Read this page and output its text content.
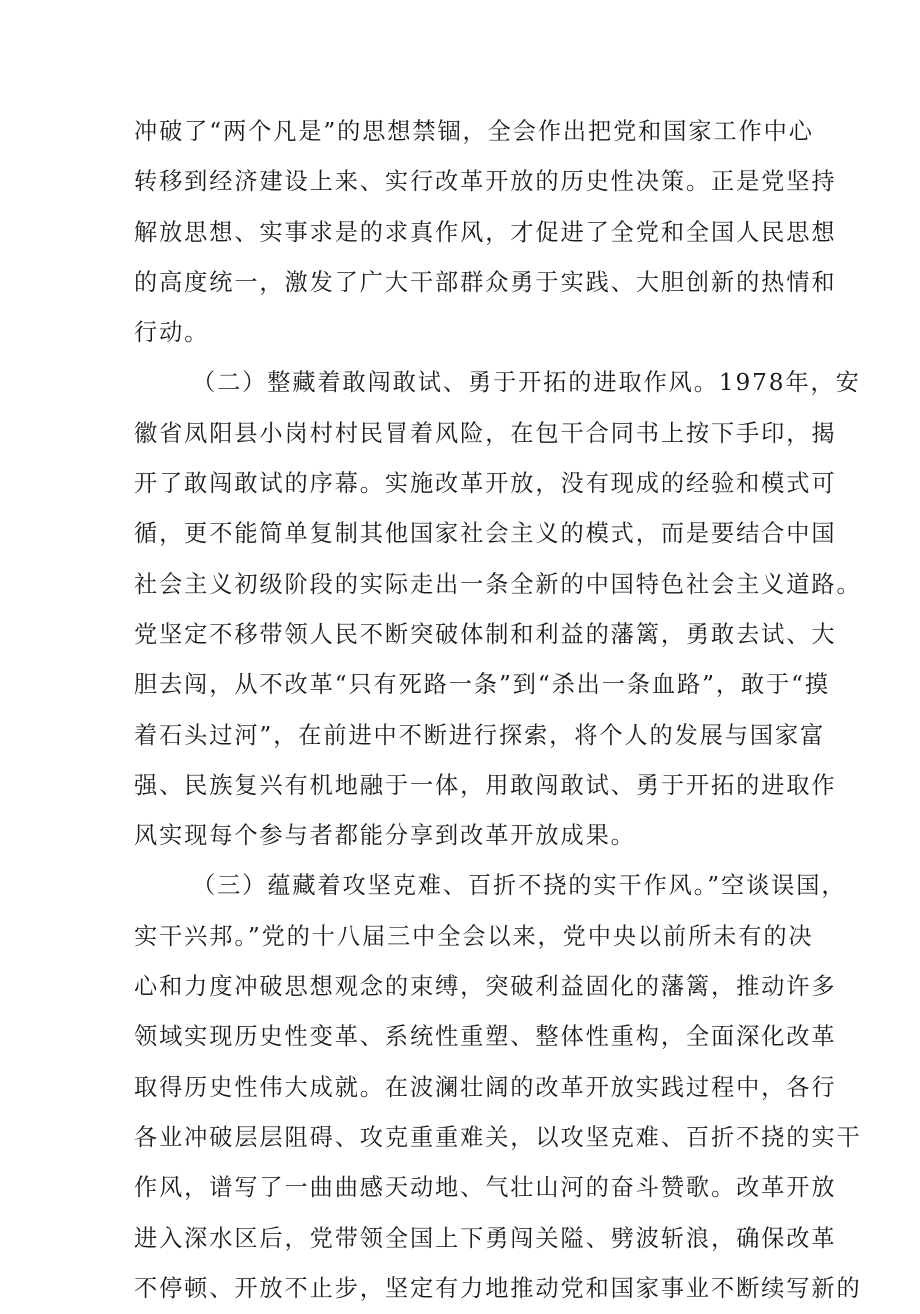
冲破了“两个凡是”的思想禁锢，全会作出把党和国家工作中心

转移到经济建设上来、实行改革开放的历史性决策。正是党坚持

解放思想、实事求是的求真作风，才促进了全党和全国人民思想

的高度统一，激发了广大干部群众勇于实践、大胆创新的热情和

行动。

（二）整藏着敢闯敢试、勇于开拓的进取作风。1978年，安

徽省凤阳县小岗村村民冒着风险，在包干合同书上按下手印，揭

开了敢闯敢试的序幕。实施改革开放，没有现成的经验和模式可

循，更不能简单复制其他国家社会主义的模式，而是要结合中国

社会主义初级阶段的实际走出一条全新的中国特色社会主义道路。

党坚定不移带领人民不断突破体制和利益的藩篱，勇敢去试、大

胆去闯，从不改革“只有死路一条”到“杀出一条血路”，敢于“摸

着石头过河”，在前进中不断进行探索，将个人的发展与国家富

强、民族复兴有机地融于一体，用敢闯敢试、勇于开拓的进取作

风实现每个参与者都能分享到改革开放成果。

（三）蕴藏着攻坚克难、百折不挠的实干作风。”空谈误国，

实干兴邦。”党的十八届三中全会以来，党中央以前所未有的决

心和力度冲破思想观念的束缚，突破利益固化的藩篱，推动许多

领域实现历史性变革、系统性重塑、整体性重构，全面深化改革

取得历史性伟大成就。在波澜壮阔的改革开放实践过程中，各行

各业冲破层层阻碍、攻克重重难关，以攻坚克难、百折不挠的实干

作风，谱写了一曲曲感天动地、气壮山河的奋斗赞歌。改革开放

进入深水区后，党带领全国上下勇闯关隘、劈波斩浪，确保改革

不停顿、开放不止步，坚定有力地推动党和国家事业不断续写新的
